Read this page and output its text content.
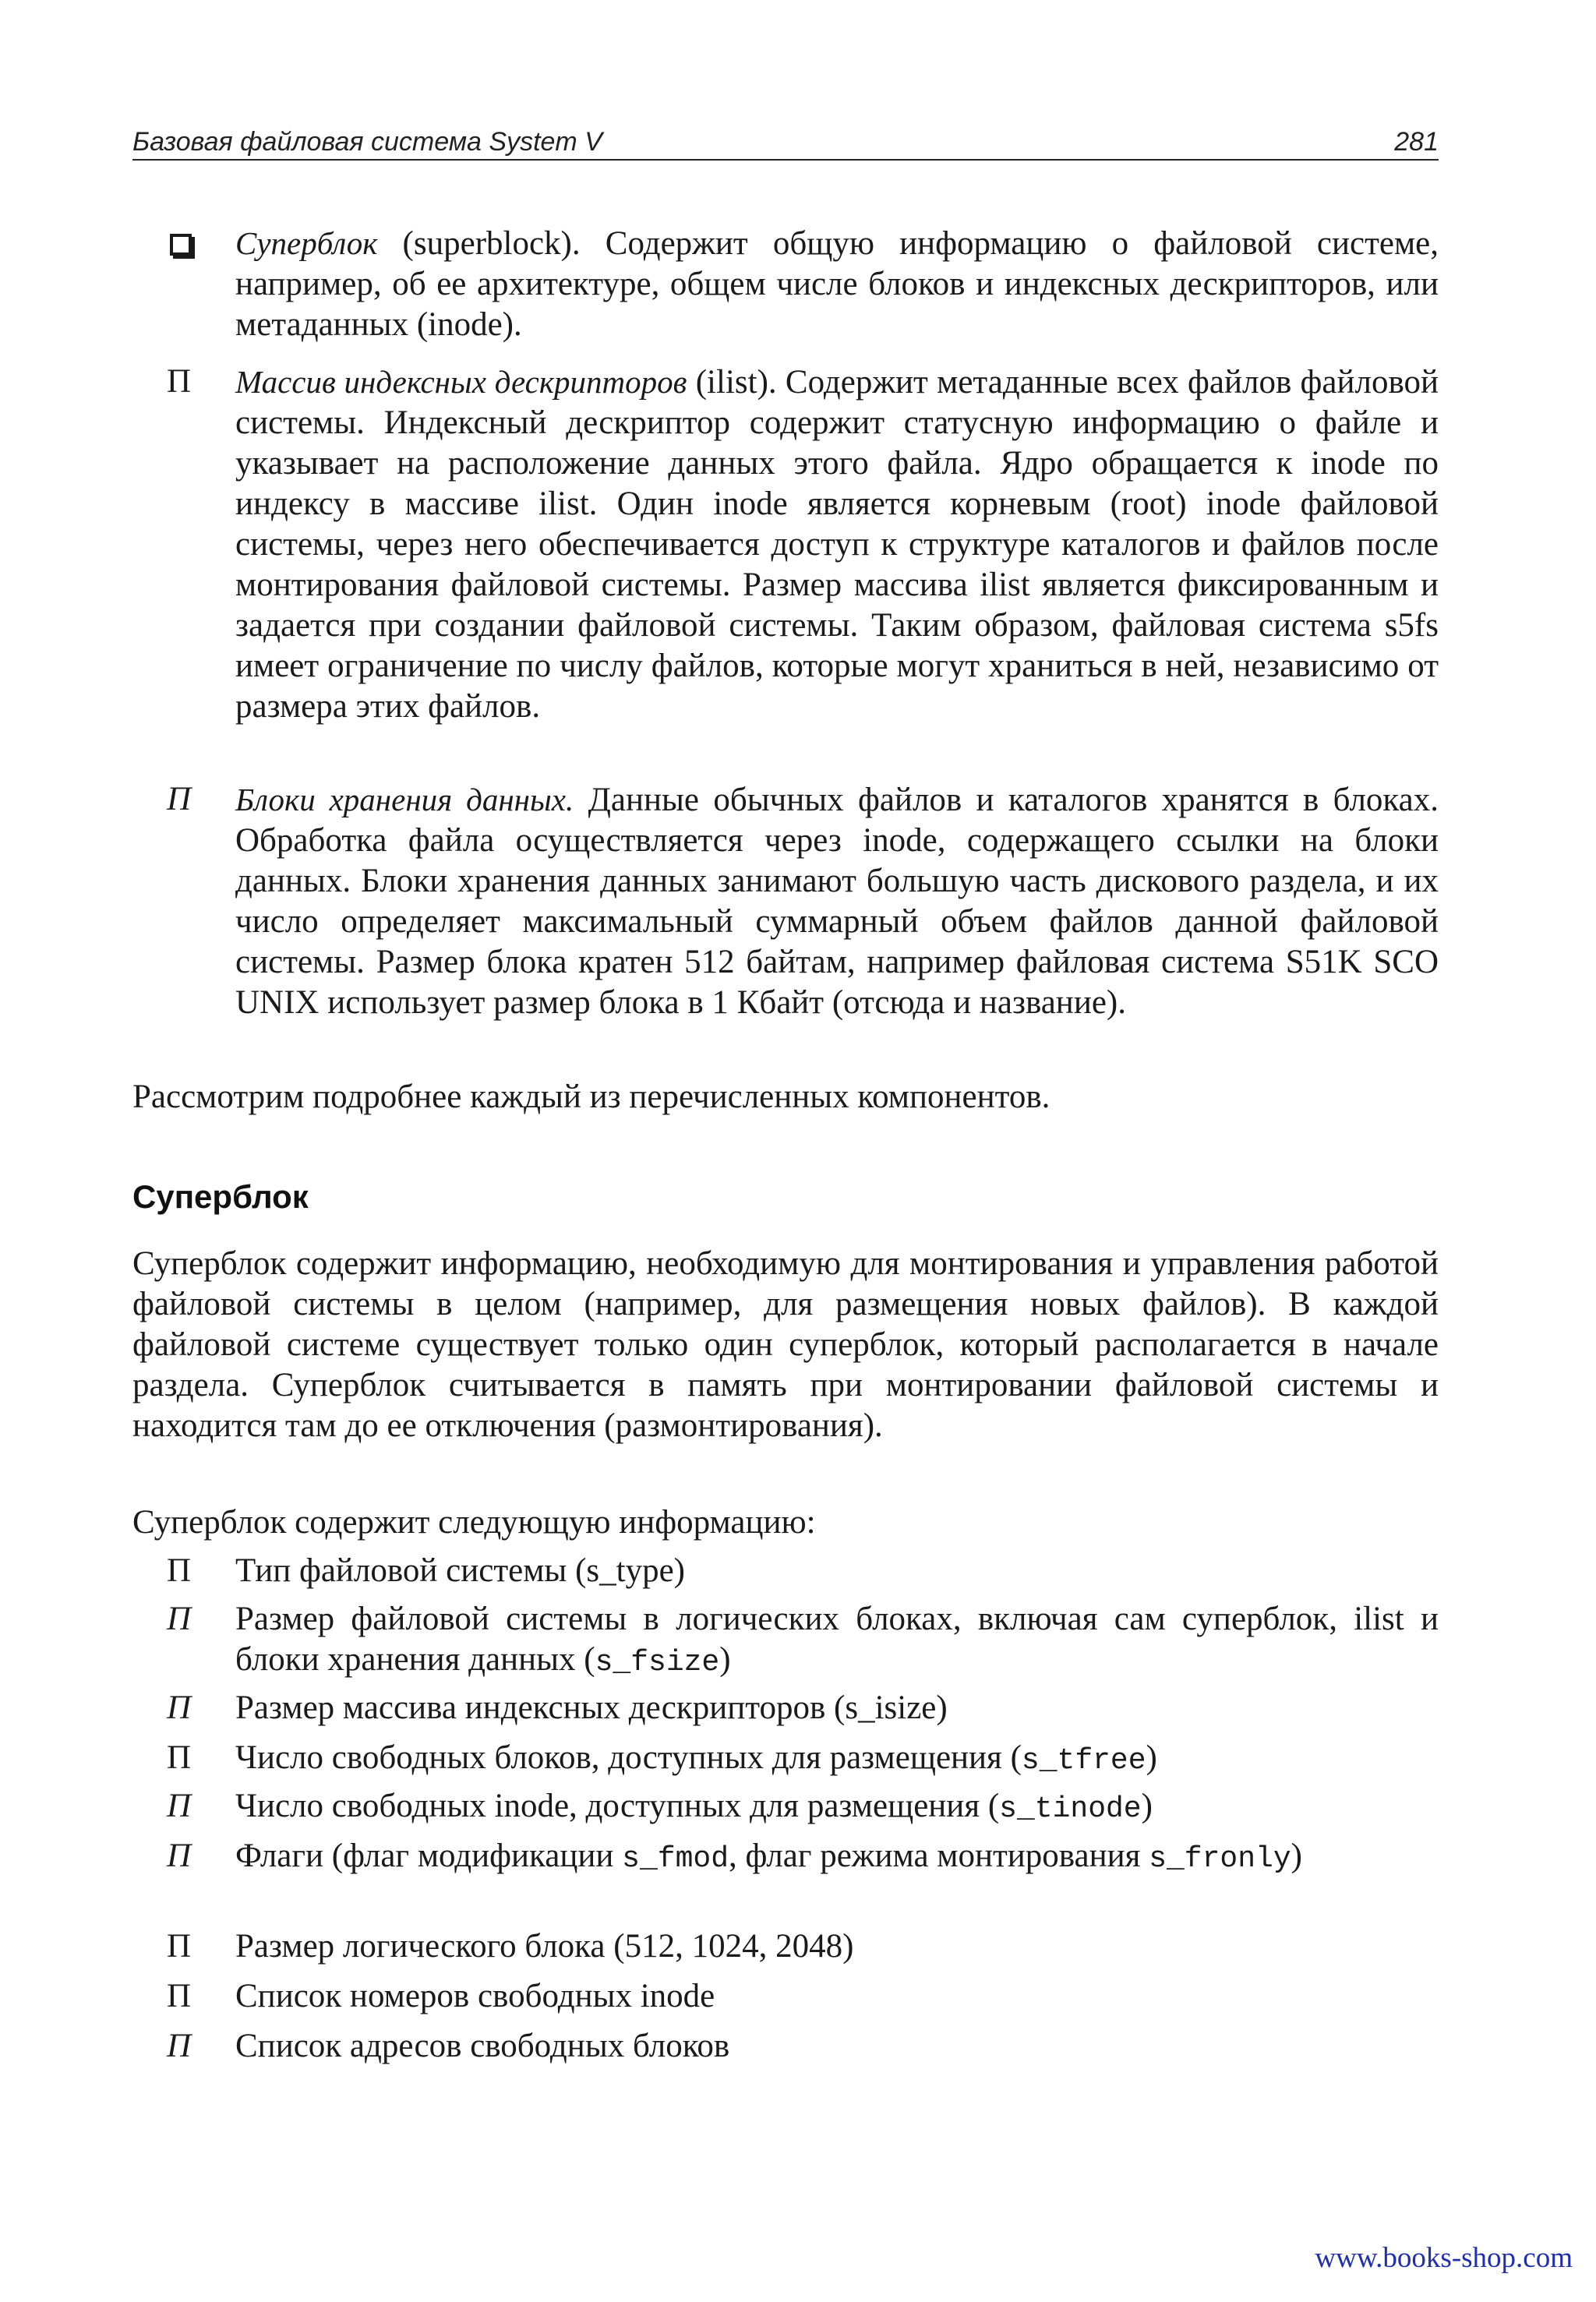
Базовая файловая система System V	281
Суперблок (superblock). Содержит общую информацию о файловой системе, например, об ее архитектуре, общем числе блоков и индексных дескрипторов, или метаданных (inode).
П	Массив индексных дескрипторов (ilist). Содержит метаданные всех файлов файловой системы. Индексный дескриптор содержит статусную информацию о файле и указывает на расположение данных этого файла. Ядро обращается к inode по индексу в массиве ilist. Один inode является корневым (root) inode файловой системы, через него обеспечивается доступ к структуре каталогов и файлов после монтирования файловой системы. Размер массива ilist является фиксированным и задается при создании файловой системы. Таким образом, файловая система s5fs имеет ограничение по числу файлов, которые могут храниться в ней, независимо от размера этих файлов.
П	Блоки хранения данных. Данные обычных файлов и каталогов хранятся в блоках. Обработка файла осуществляется через inode, содержащего ссылки на блоки данных. Блоки хранения данных занимают большую часть дискового раздела, и их число определяет максимальный суммарный объем файлов данной файловой системы. Размер блока кратен 512 байтам, например файловая система S51K SCO UNIX использует размер блока в 1 Кбайт (отсюда и название).
Рассмотрим подробнее каждый из перечисленных компонентов.
Суперблок
Суперблок содержит информацию, необходимую для монтирования и управления работой файловой системы в целом (например, для размещения новых файлов). В каждой файловой системе существует только один суперблок, который располагается в начале раздела. Суперблок считывается в память при монтировании файловой системы и находится там до ее отключения (размонтирования).
Суперблок содержит следующую информацию:
П	Тип файловой системы (s_type)
П	Размер файловой системы в логических блоках, включая сам суперблок, ilist и блоки хранения данных (s_fsize)
П	Размер массива индексных дескрипторов (s_isize)
П	Число свободных блоков, доступных для размещения (s_tfree)
П	Число свободных inode, доступных для размещения (s_tinode)
П	Флаги (флаг модификации s_fmod, флаг режима монтирования s_fronly)
П	Размер логического блока (512, 1024, 2048)
П	Список номеров свободных inode
П	Список адресов свободных блоков
www.books-shop.com
